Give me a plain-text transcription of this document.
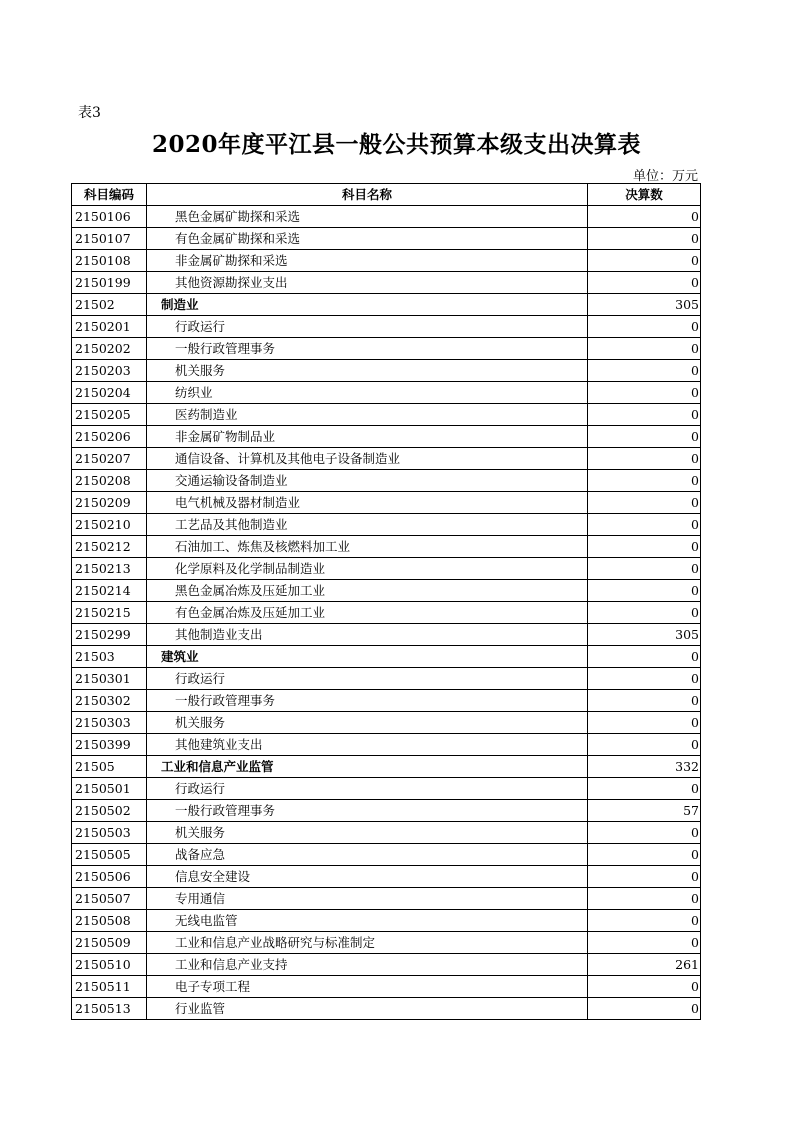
表3
2020年度平江县一般公共预算本级支出决算表
单位：万元
科目编码	科目名称	决算数
2150106	黑色金属矿勘探和采选	0
2150107	有色金属矿勘探和采选	0
2150108	非金属矿勘探和采选	0
2150199	其他资源勘探业支出	0
21502	制造业	305
2150201	行政运行	0
2150202	一般行政管理事务	0
2150203	机关服务	0
2150204	纺织业	0
2150205	医药制造业	0
2150206	非金属矿物制品业	0
2150207	通信设备、计算机及其他电子设备制造业	0
2150208	交通运输设备制造业	0
2150209	电气机械及器材制造业	0
2150210	工艺品及其他制造业	0
2150212	石油加工、炼焦及核燃料加工业	0
2150213	化学原料及化学制品制造业	0
2150214	黑色金属冶炼及压延加工业	0
2150215	有色金属冶炼及压延加工业	0
2150299	其他制造业支出	305
21503	建筑业	0
2150301	行政运行	0
2150302	一般行政管理事务	0
2150303	机关服务	0
2150399	其他建筑业支出	0
21505	工业和信息产业监管	332
2150501	行政运行	0
2150502	一般行政管理事务	57
2150503	机关服务	0
2150505	战备应急	0
2150506	信息安全建设	0
2150507	专用通信	0
2150508	无线电监管	0
2150509	工业和信息产业战略研究与标准制定	0
2150510	工业和信息产业支持	261
2150511	电子专项工程	0
2150513	行业监管	0
